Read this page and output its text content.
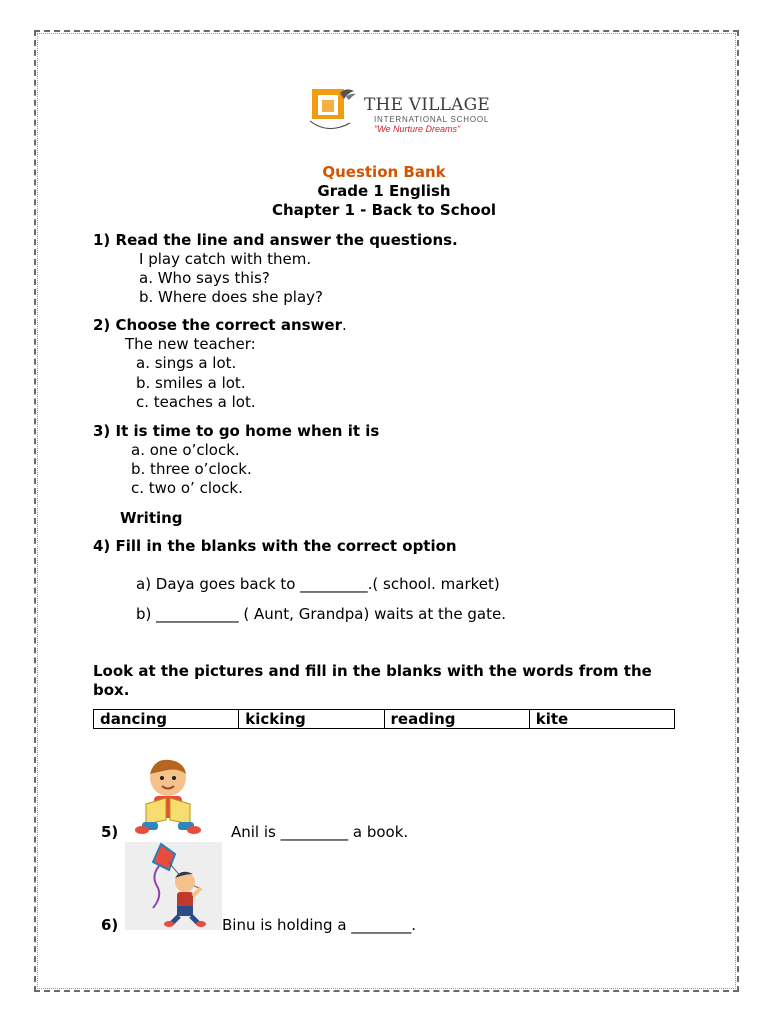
THE VILLAGE
INTERNATIONAL SCHOOL
"We Nurture Dreams"
Question Bank
Grade 1 English
Chapter 1 - Back to School
1) Read the line and answer the questions.
I play catch with them.
a. Who says this?
b. Where does she play?
2) Choose the correct answer.
The new teacher:
a. sings a lot.
b. smiles a lot.
c. teaches a lot.
3) It is time to go home when it is
a. one o’clock.
b. three o’clock.
c. two o’ clock.
Writing
4) Fill in the blanks with the correct option
a) Daya goes back to _________.( school. market)
b) ___________ ( Aunt, Grandpa) waits at the gate.
Look at the pictures and fill in the blanks with the words from the
box.
dancing	kicking	reading	kite
5)	Anil is _________ a book.
6)	Binu is holding a ________.
